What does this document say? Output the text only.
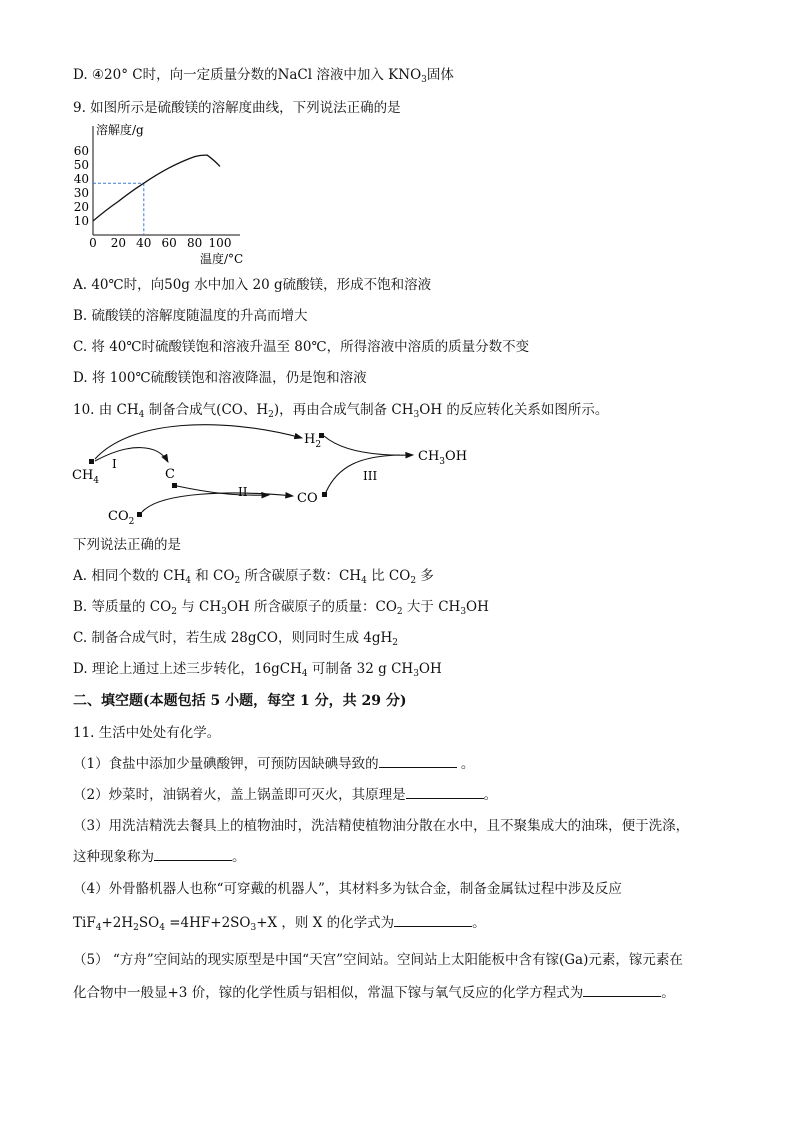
D. ④20° C时，向一定质量分数的NaCl 溶液中加入 $KNO_3$固体
9. 如图所示是硫酸镁的溶解度曲线，下列说法正确的是
溶解度/g
10
20
30
40
50
60
0 20 40 60 80 100
温度/°C
A. 40℃时，向50g 水中加入 20 g硫酸镁，形成不饱和溶液
B. 硫酸镁的溶解度随温度的升高而增大
C. 将 40℃时硫酸镁饱和溶液升温至 80℃，所得溶液中溶质的质量分数不变
D. 将 100℃硫酸镁饱和溶液降温，仍是饱和溶液
10. 由 $CH_4$ 制备合成气(CO、$H_2$)，再由合成气制备 $CH_3OH$ 的反应转化关系如图所示。
$CH_4$
I
C
$H_2$
CO
$CO_2$
$CH_3OH$
II
III
下列说法正确的是
A. 相同个数的 $CH_4$ 和 $CO_2$ 所含碳原子数：$CH_4$ 比 $CO_2$ 多
B. 等质量的 $CO_2$ 与 $CH_3OH$ 所含碳原子的质量：$CO_2$ 大于 $CH_3OH$
C. 制备合成气时，若生成 28gCO，则同时生成 $4gH_2$
D. 理论上通过上述三步转化，16gCH$_4$ 可制备 32 g $CH_3OH$
二、填空题(本题包括 5 小题，每空 1 分，共 29 分)
11. 生活中处处有化学。
（1）食盐中添加少量碘酸钾，可预防因缺碘导致的	。
（2）炒菜时，油锅着火，盖上锅盖即可灭火，其原理是	。
（3）用洗洁精洗去餐具上的植物油时，洗洁精使植物油分散在水中，且不聚集成大的油珠，便于洗涤，
这种现象称为	。
（4）外骨骼机器人也称“可穿戴的机器人”，其材料多为钛合金，制备金属钛过程中涉及反应
$TiF_4+2H_2SO_4 =4HF+2SO_3+X$ ，则 X 的化学式为	。
（5） “方舟”空间站的现实原型是中国“天宫”空间站。空间站上太阳能板中含有镓(Ga)元素，镓元素在
化合物中一般显+3 价，镓的化学性质与铝相似，常温下镓与氧气反应的化学方程式为	。
